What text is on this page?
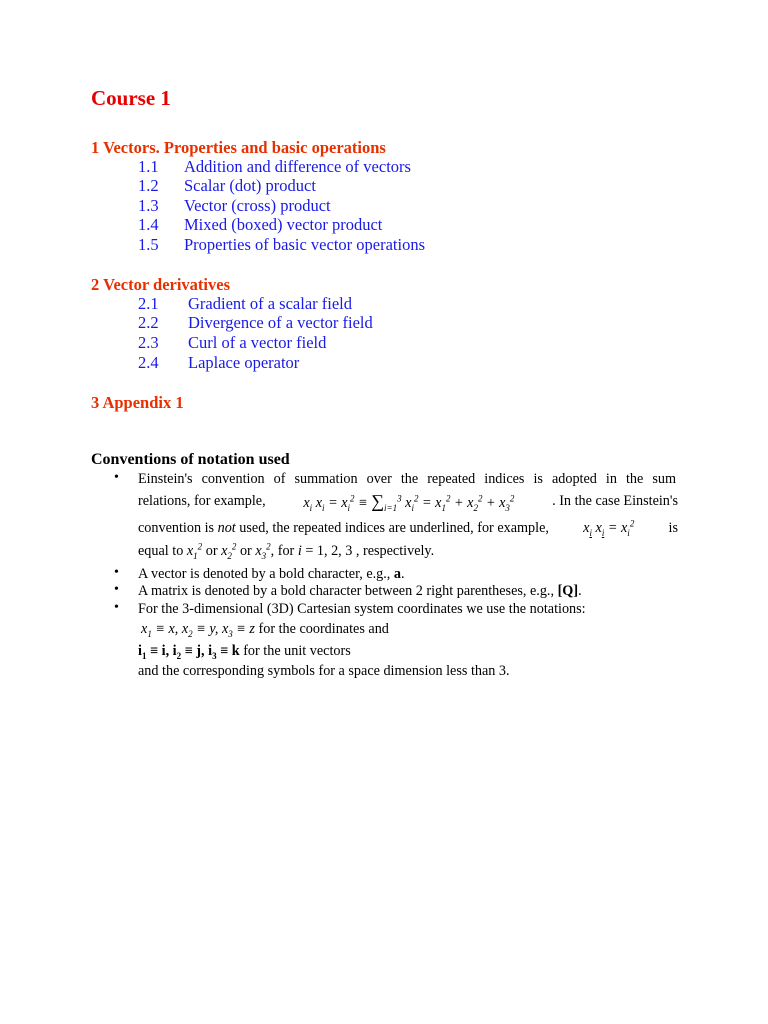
Course 1
1 Vectors. Properties and basic operations
1.1 Addition and difference of vectors
1.2 Scalar (dot) product
1.3 Vector (cross) product
1.4 Mixed (boxed) vector product
1.5 Properties of basic vector operations
2 Vector derivatives
2.1 Gradient of a scalar field
2.2 Divergence of a vector field
2.3 Curl of a vector field
2.4 Laplace operator
3 Appendix 1
Conventions of notation used
• Einstein's convention of summation over the repeated indices is adopted in the sum
relations, for example,	$x_i$ $x_i = x_i^2 \equiv \sum_{i=1}^3$ $x_i^2 = x_1^2 + x_2^2 + x_3^2$	. In the case Einstein's
convention is not used, the repeated indices are underlined, for example, $x_i$ $x_i = x_i^2$ is
equal to $x_1^2$ or $x_2^2$ or $x_3^2$, for i = 1, 2, 3 , respectively.
• A vector is denoted by a bold character, e.g., a.
• A matrix is denoted by a bold character between 2 right parentheses, e.g., [Q].
• For the 3-dimensional (3D) Cartesian system coordinates we use the notations:
$x_1 \equiv x$, $x_2 \equiv y$, $x_3 \equiv z$ for the coordinates and
$i_1 \equiv i$, $i_2 \equiv j$, $i_3 \equiv k$ for the unit vectors
and the corresponding symbols for a space dimension less than 3.
